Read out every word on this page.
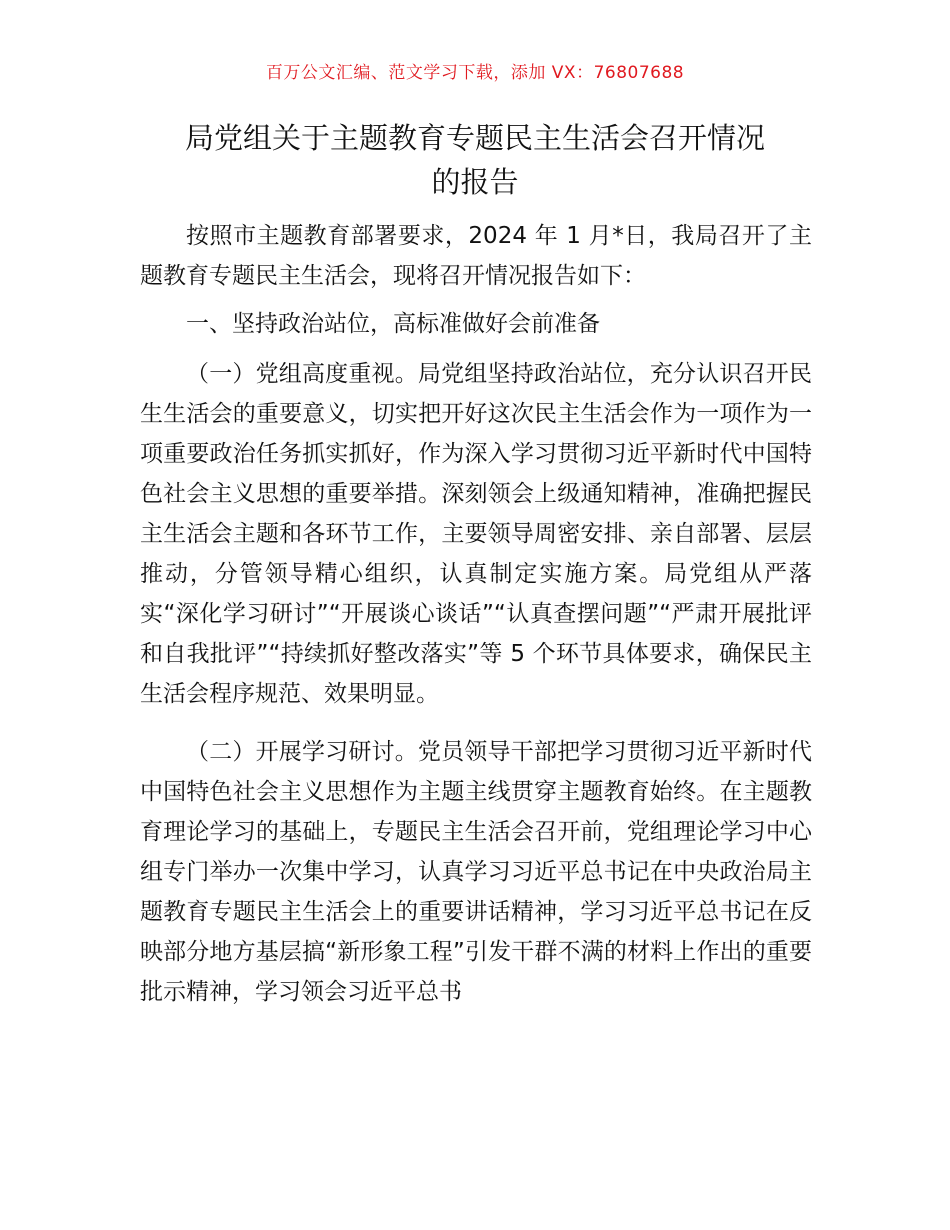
百万公文汇编、范文学习下载，添加 VX：76807688
局党组关于主题教育专题民主生活会召开情况
的报告

按照市主题教育部署要求，2024 年 1 月*日，我局召开了主题教育专题民主生活会，现将召开情况报告如下：

一、坚持政治站位，高标准做好会前准备

（一）党组高度重视。局党组坚持政治站位，充分认识召开民生生活会的重要意义，切实把开好这次民主生活会作为一项作为一项重要政治任务抓实抓好，作为深入学习贯彻习近平新时代中国特色社会主义思想的重要举措。深刻领会上级通知精神，准确把握民主生活会主题和各环节工作，主要领导周密安排、亲自部署、层层推动，分管领导精心组织，认真制定实施方案。局党组从严落实“深化学习研讨”“开展谈心谈话”“认真查摆问题”“严肃开展批评和自我批评”“持续抓好整改落实”等 5 个环节具体要求，确保民主生活会程序规范、效果明显。

（二）开展学习研讨。党员领导干部把学习贯彻习近平新时代中国特色社会主义思想作为主题主线贯穿主题教育始终。在主题教育理论学习的基础上，专题民主生活会召开前，党组理论学习中心组专门举办一次集中学习，认真学习习近平总书记在中央政治局主题教育专题民主生活会上的重要讲话精神，学习习近平总书记在反映部分地方基层搞“新形象工程”引发干群不满的材料上作出的重要批示精神，学习领会习近平总书
